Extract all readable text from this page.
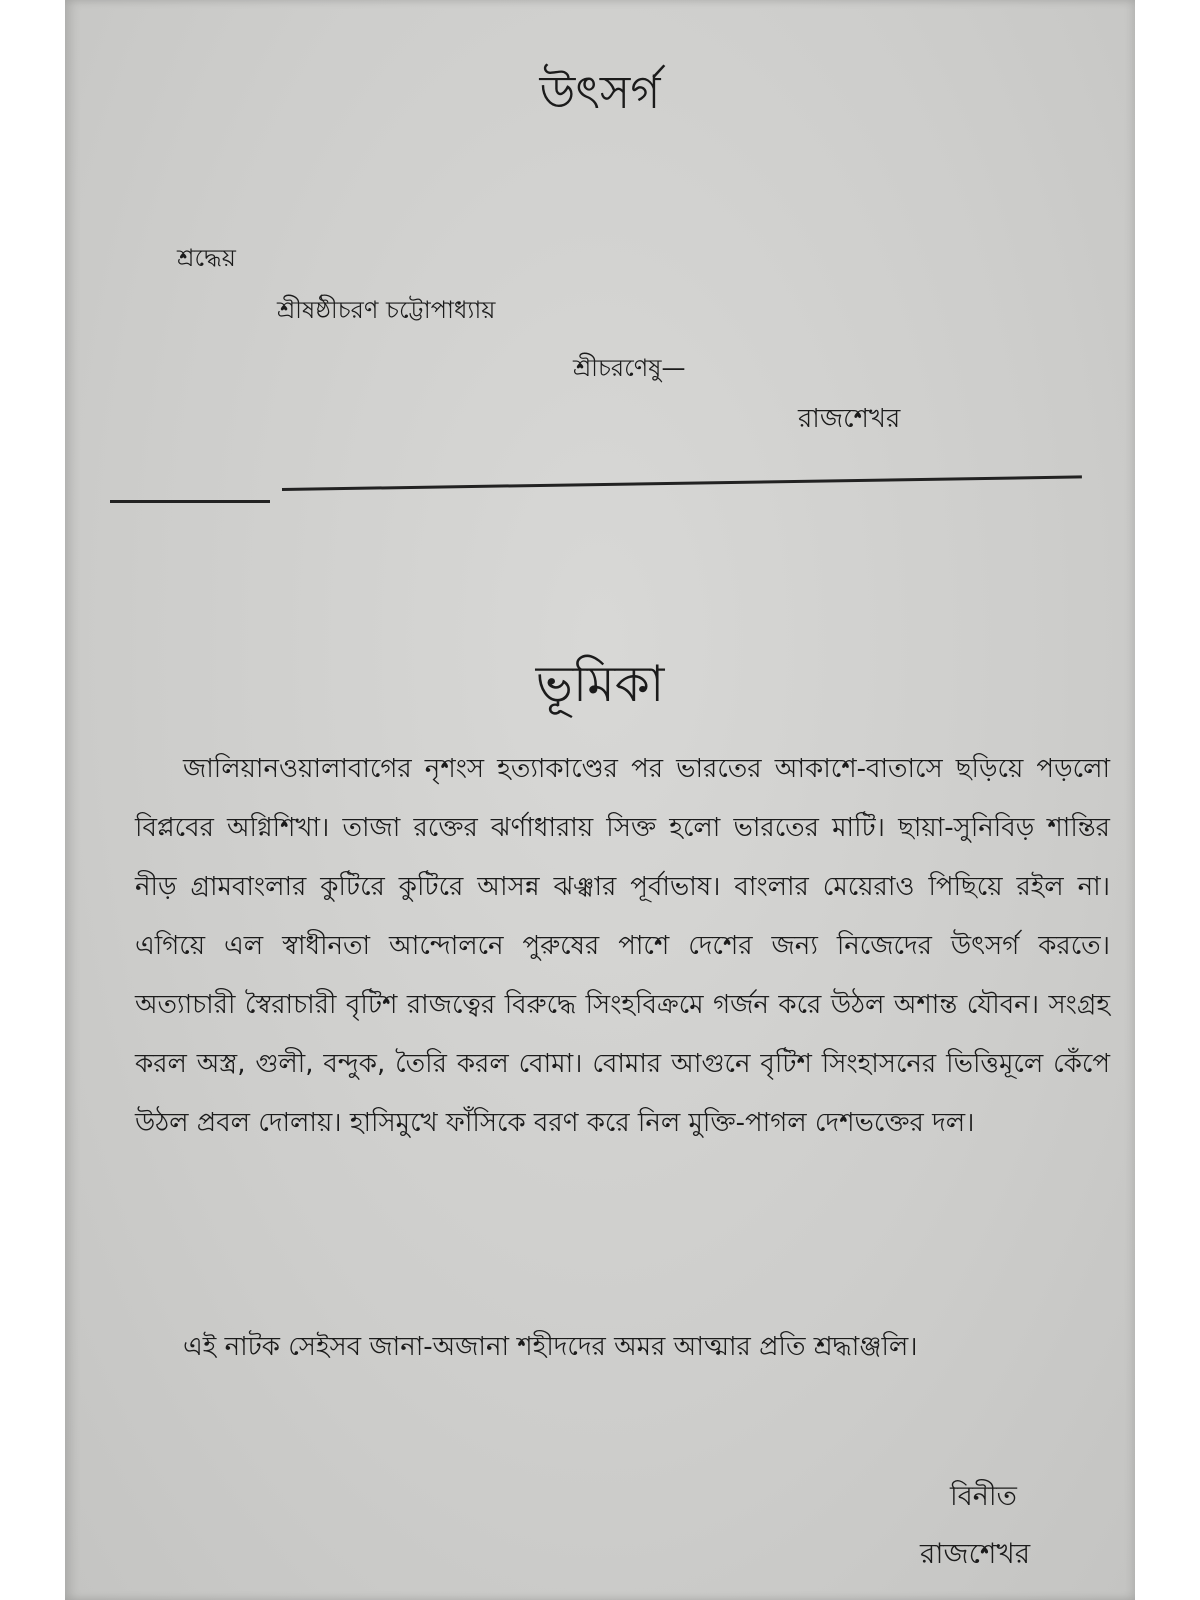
উৎসর্গ
শ্রদ্ধেয়
শ্রীষষ্ঠীচরণ চট্টোপাধ্যায়
শ্রীচরণেষু—
রাজশেখর
ভূমিকা
জালিয়ানওয়ালাবাগের নৃশংস হত্যাকাণ্ডের পর ভারতের আকাশে-বাতাসে ছড়িয়ে পড়লো বিপ্লবের অগ্নিশিখা। তাজা রক্তের ঝর্ণাধারায় সিক্ত হলো ভারতের মাটি। ছায়া-সুনিবিড় শান্তির নীড় গ্রামবাংলার কুটিরে কুটিরে আসন্ন ঝঞ্ঝার পূর্বাভাষ। বাংলার মেয়েরাও পিছিয়ে রইল না। এগিয়ে এল স্বাধীনতা আন্দোলনে পুরুষের পাশে দেশের জন্য নিজেদের উৎসর্গ করতে। অত্যাচারী স্বৈরাচারী বৃটিশ রাজত্বের বিরুদ্ধে সিংহবিক্রমে গর্জন করে উঠল অশান্ত যৌবন। সংগ্রহ করল অস্ত্র, গুলী, বন্দুক, তৈরি করল বোমা। বোমার আগুনে বৃটিশ সিংহাসনের ভিত্তিমূলে কেঁপে উঠল প্রবল দোলায়। হাসিমুখে ফাঁসিকে বরণ করে নিল মুক্তি-পাগল দেশভক্তের দল।
এই নাটক সেইসব জানা-অজানা শহীদদের অমর আত্মার প্রতি শ্রদ্ধাঞ্জলি।
বিনীত
রাজশেখর
